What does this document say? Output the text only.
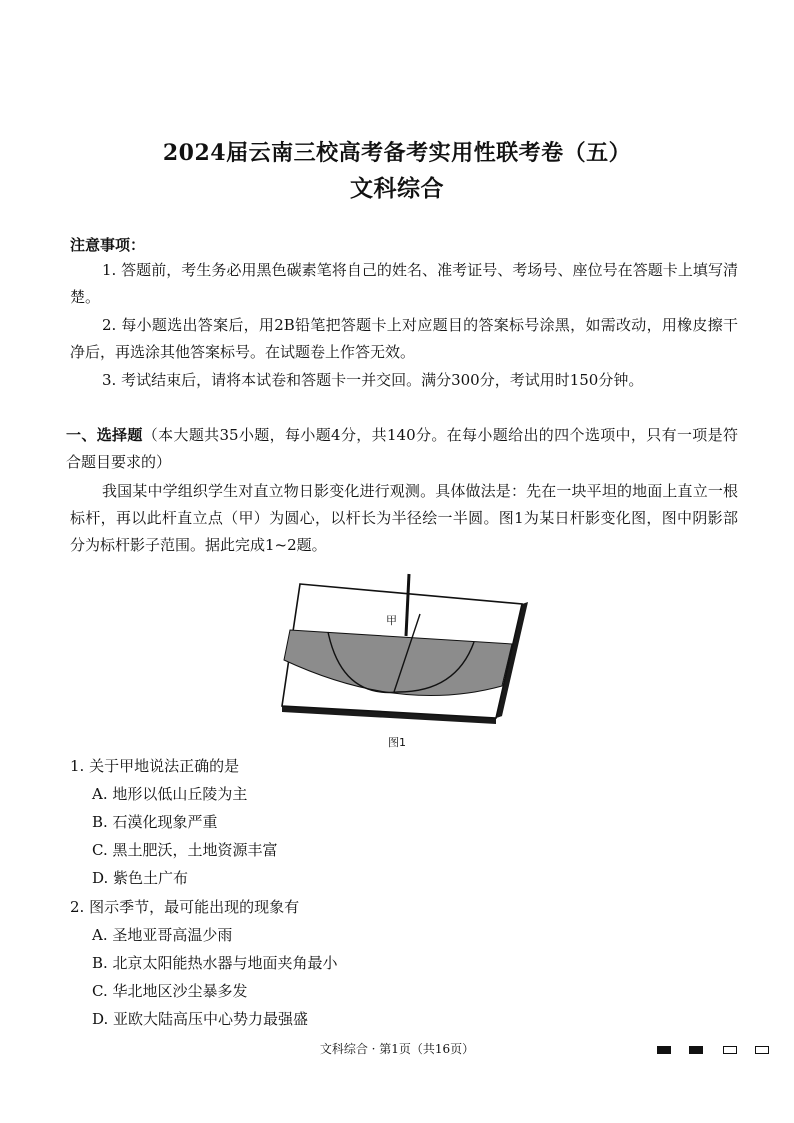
2024届云南三校高考备考实用性联考卷（五）
文科综合
注意事项：
1. 答题前，考生务必用黑色碳素笔将自己的姓名、准考证号、考场号、座位号在答题卡上填写清楚。
2. 每小题选出答案后，用2B铅笔把答题卡上对应题目的答案标号涂黑，如需改动，用橡皮擦干净后，再选涂其他答案标号。在试题卷上作答无效。
3. 考试结束后，请将本试卷和答题卡一并交回。满分300分，考试用时150分钟。
一、选择题（本大题共35小题，每小题4分，共140分。在每小题给出的四个选项中，只有一项是符合题目要求的）
我国某中学组织学生对直立物日影变化进行观测。具体做法是：先在一块平坦的地面上直立一根标杆，再以此杆直立点（甲）为圆心，以杆长为半径绘一半圆。图1为某日杆影变化图，图中阴影部分为标杆影子范围。据此完成1~2题。
甲
图1
1. 关于甲地说法正确的是
A. 地形以低山丘陵为主
B. 石漠化现象严重
C. 黑土肥沃，土地资源丰富
D. 紫色土广布
2. 图示季节，最可能出现的现象有
A. 圣地亚哥高温少雨
B. 北京太阳能热水器与地面夹角最小
C. 华北地区沙尘暴多发
D. 亚欧大陆高压中心势力最强盛
文科综合 · 第1页（共16页）
